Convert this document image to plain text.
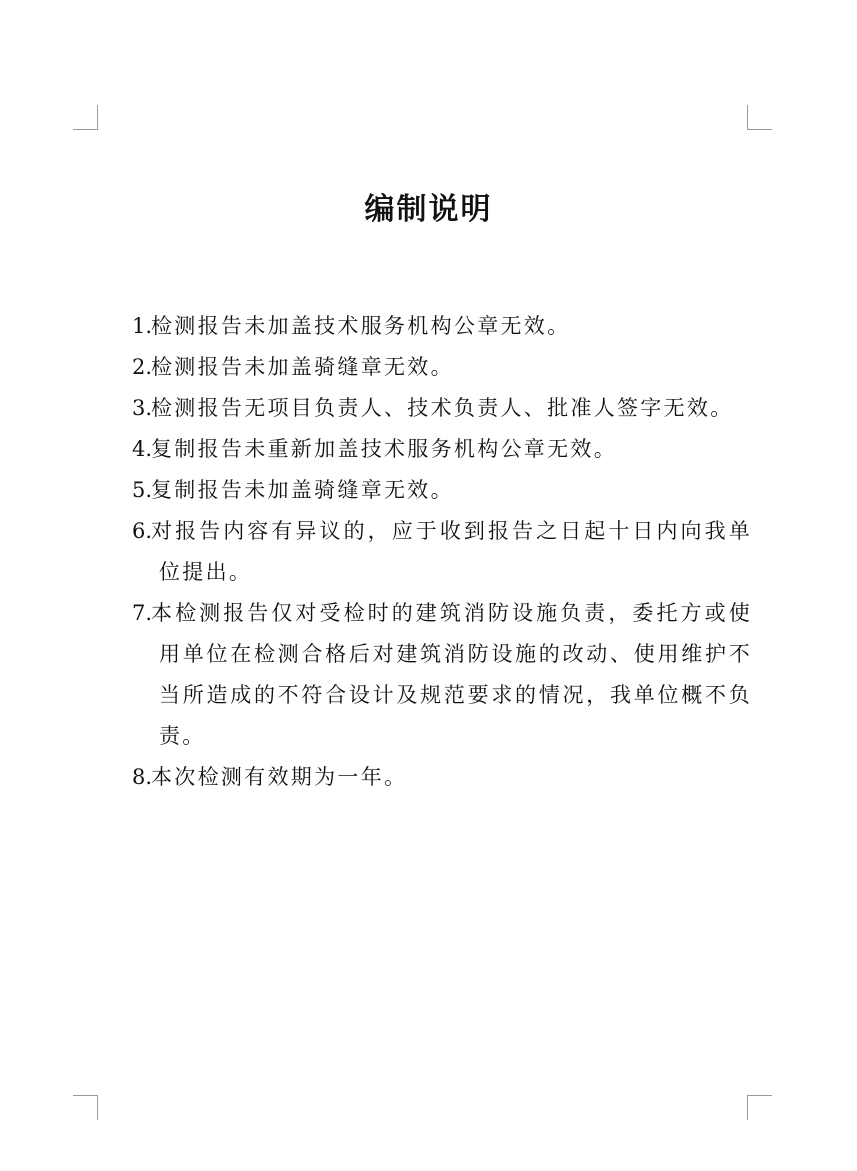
编制说明
1.
检测报告未加盖技术服务机构公章无效。
2.
检测报告未加盖骑缝章无效。
3.
检测报告无项目负责人、技术负责人、批准人签字无效。
4.
复制报告未重新加盖技术服务机构公章无效。
5.
复制报告未加盖骑缝章无效。
6.
对报告内容有异议的，应于收到报告之日起十日内向我单位提出。
7.
本检测报告仅对受检时的建筑消防设施负责，委托方或使用单位在检测合格后对建筑消防设施的改动、使用维护不当所造成的不符合设计及规范要求的情况，我单位概不负责。
8.
本次检测有效期为一年。
